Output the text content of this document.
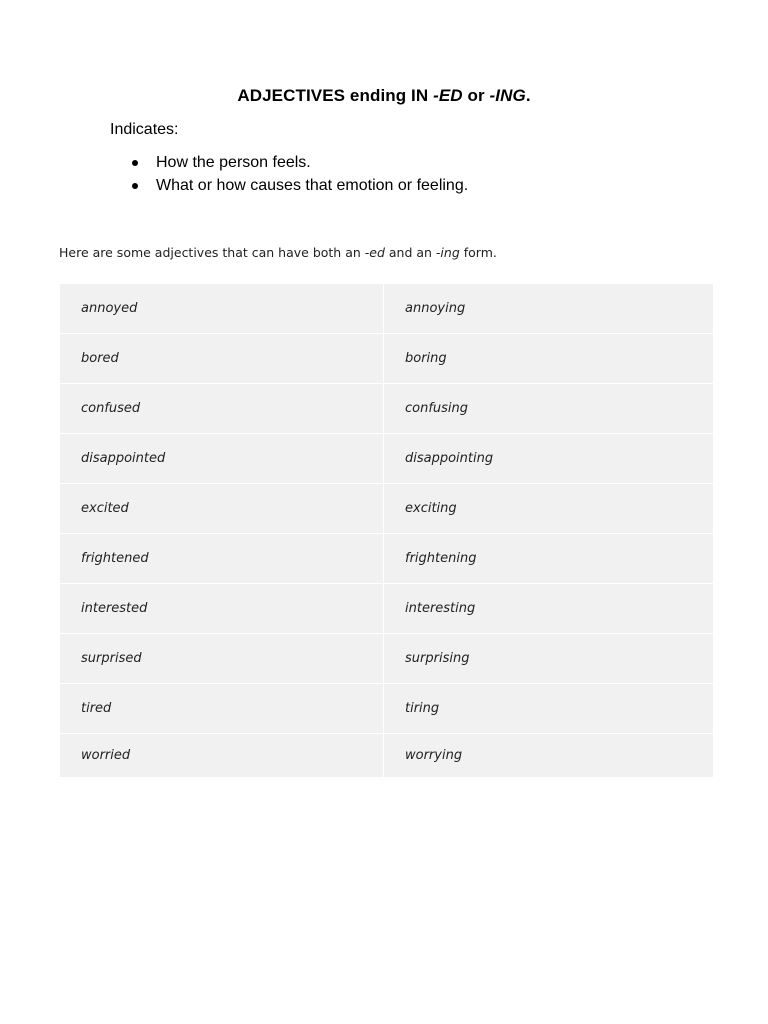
ADJECTIVES ending IN -ED or -ING.
Indicates:
How the person feels.
What or how causes that emotion or feeling.
Here are some adjectives that can have both an -ed and an -ing form.
annoyed	annoying
bored	boring
confused	confusing
disappointed	disappointing
excited	exciting
frightened	frightening
interested	interesting
surprised	surprising
tired	tiring
worried	worrying
